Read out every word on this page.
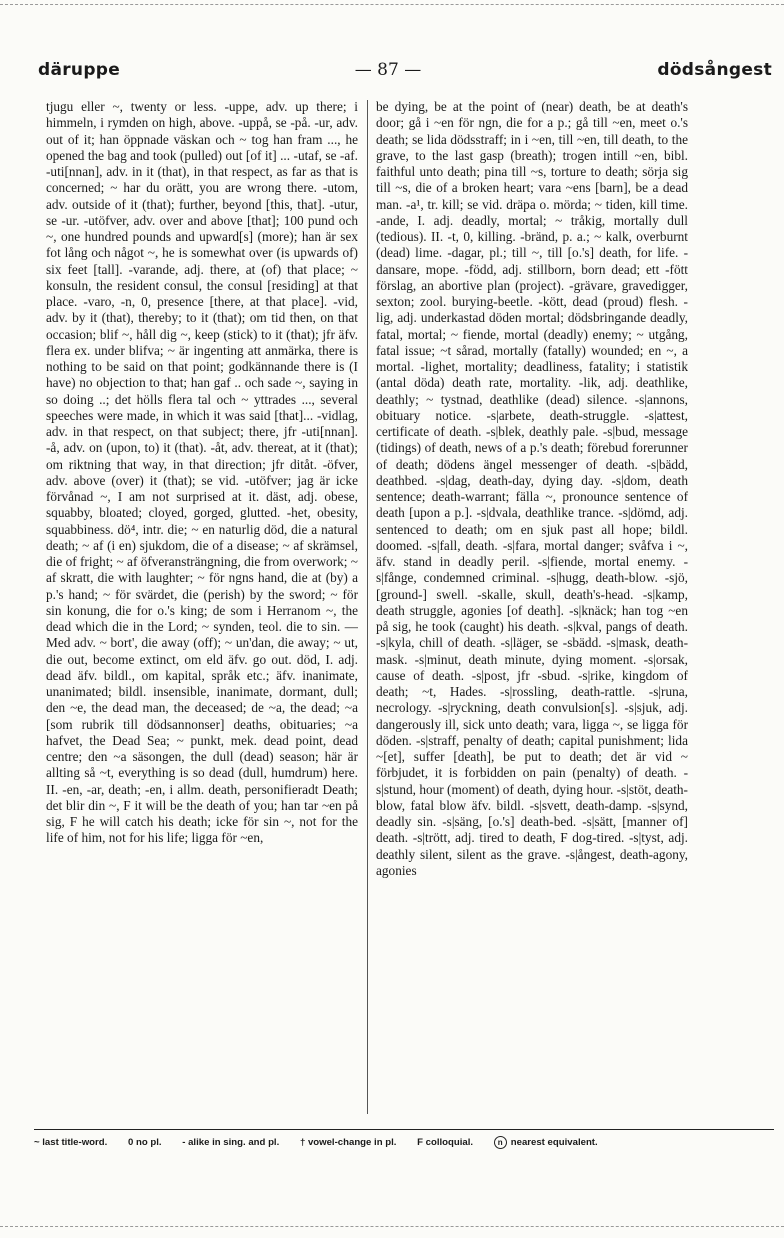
däruppe	— 87 —	dödsångest
tjugu eller ~, twenty or less. -uppe, adv. up there; i himmeln, i rymden on high, above. -uppå, se -på. -ur, adv. out of it; han öppnade väskan och ~ tog han fram ..., he opened the bag and took (pulled) out [of it] ... -utaf, se -af. -uti[nnan], adv. in it (that), in that respect, as far as that is concerned; ~ har du orätt, you are wrong there. -utom, adv. outside of it (that); further, beyond [this, that]. -utur, se -ur. -utöfver, adv. over and above [that]; 100 pund och ~, one hundred pounds and upward[s] (more); han är sex fot lång och något ~, he is somewhat over (is upwards of) six feet [tall]. -varande, adj. there, at (of) that place; ~ konsuln, the resident consul, the consul [residing] at that place. -varo, -n, 0, presence [there, at that place]. -vid, adv. by it (that), thereby; to it (that); om tid then, on that occasion; blif ~, håll dig ~, keep (stick) to it (that); jfr äfv. flera ex. under blifva; ~ är ingenting att anmärka, there is nothing to be said on that point; godkännande there is (I have) no objection to that; han gaf .. och sade ~, saying in so doing ..; det hölls flera tal och ~ yttrades ..., several speeches were made, in which it was said [that]... -vidlag, adv. in that respect, on that subject; there, jfr -uti[nnan]. -å, adv. on (upon, to) it (that). -åt, adv. thereat, at it (that); om riktning that way, in that direction; jfr ditåt. -öfver, adv. above (over) it (that); se vid. -utöfver; jag är icke förvånad ~, I am not surprised at it. däst, adj. obese, squabby, bloated; cloyed, gorged, glutted. -het, obesity, squabbiness. dö⁴, intr. die; ~ en naturlig död, die a natural death; ~ af (i en) sjukdom, die of a disease; ~ af skrämsel, die of fright; ~ af öfveransträngning, die from overwork; ~ af skratt, die with laughter; ~ för ngns hand, die at (by) a p.'s hand; ~ för svärdet, die (perish) by the sword; ~ för sin konung, die for o.'s king; de som i Herranom ~, the dead which die in the Lord; ~ synden, teol. die to sin. — Med adv. ~ bort', die away (off); ~ un'dan, die away; ~ ut, die out, become extinct, om eld äfv. go out. död, I. adj. dead äfv. bildl., om kapital, språk etc.; äfv. inanimate, unanimated; bildl. insensible, inanimate, dormant, dull; den ~e, the dead man, the deceased; de ~a, the dead; ~a [som rubrik till dödsannonser] deaths, obituaries; ~a hafvet, the Dead Sea; ~ punkt, mek. dead point, dead centre; den ~a säsongen, the dull (dead) season; här är allting så ~t, everything is so dead (dull, humdrum) here. II. -en, -ar, death; -en, i allm. death, personifieradt Death; det blir din ~, F it will be the death of you; han tar ~en på sig, F he will catch his death; icke för sin ~, not for the life of him, not for his life; ligga för ~en,
be dying, be at the point of (near) death, be at death's door; gå i ~en för ngn, die for a p.; gå till ~en, meet o.'s death; se lida dödsstraff; in i ~en, till ~en, till death, to the grave, to the last gasp (breath); trogen intill ~en, bibl. faithful unto death; pina till ~s, torture to death; sörja sig till ~s, die of a broken heart; vara ~ens [barn], be a dead man. -a¹, tr. kill; se vid. dräpa o. mörda; ~ tiden, kill time. -ande, I. adj. deadly, mortal; ~ tråkig, mortally dull (tedious). II. -t, 0, killing. -bränd, p. a.; ~ kalk, overburnt (dead) lime. -dagar, pl.; till ~, till [o.'s] death, for life. -dansare, mope. -född, adj. stillborn, born dead; ett -fött förslag, an abortive plan (project). -grävare, gravedigger, sexton; zool. burying-beetle. -kött, dead (proud) flesh. -lig, adj. underkastad döden mortal; dödsbringande deadly, fatal, mortal; ~ fiende, mortal (deadly) enemy; ~ utgång, fatal issue; ~t sårad, mortally (fatally) wounded; en ~, a mortal. -lighet, mortality; deadliness, fatality; i statistik (antal döda) death rate, mortality. -lik, adj. deathlike, deathly; ~ tystnad, deathlike (dead) silence. -s|annons, obituary notice. -s|arbete, death-struggle. -s|attest, certificate of death. -s|blek, deathly pale. -s|bud, message (tidings) of death, news of a p.'s death; förebud forerunner of death; dödens ängel messenger of death. -s|bädd, deathbed. -s|dag, death-day, dying day. -s|dom, death sentence; death-warrant; fälla ~, pronounce sentence of death [upon a p.]. -s|dvala, deathlike trance. -s|dömd, adj. sentenced to death; om en sjuk past all hope; bildl. doomed. -s|fall, death. -s|fara, mortal danger; svåfva i ~, äfv. stand in deadly peril. -s|fiende, mortal enemy. -s|fånge, condemned criminal. -s|hugg, death-blow. -sjö, [ground-] swell. -skalle, skull, death's-head. -s|kamp, death struggle, agonies [of death]. -s|knäck; han tog ~en på sig, he took (caught) his death. -s|kval, pangs of death. -s|kyla, chill of death. -s|läger, se -sbädd. -s|mask, death-mask. -s|minut, death minute, dying moment. -s|orsak, cause of death. -s|post, jfr -sbud. -s|rike, kingdom of death; ~t, Hades. -s|rossling, death-rattle. -s|runa, necrology. -s|ryckning, death convulsion[s]. -s|sjuk, adj. dangerously ill, sick unto death; vara, ligga ~, se ligga för döden. -s|straff, penalty of death; capital punishment; lida ~[et], suffer [death], be put to death; det är vid ~ förbjudet, it is forbidden on pain (penalty) of death. -s|stund, hour (moment) of death, dying hour. -s|stöt, death-blow, fatal blow äfv. bildl. -s|svett, death-damp. -s|synd, deadly sin. -s|säng, [o.'s] death-bed. -s|sätt, [manner of] death. -s|trött, adj. tired to death, F dog-tired. -s|tyst, adj. deathly silent, silent as the grave. -s|ångest, death-agony, agonies
~ last title-word. 0 no pl. - alike in sing. and pl. † vowel-change in pl. F colloquial.	n nearest equivalent.
